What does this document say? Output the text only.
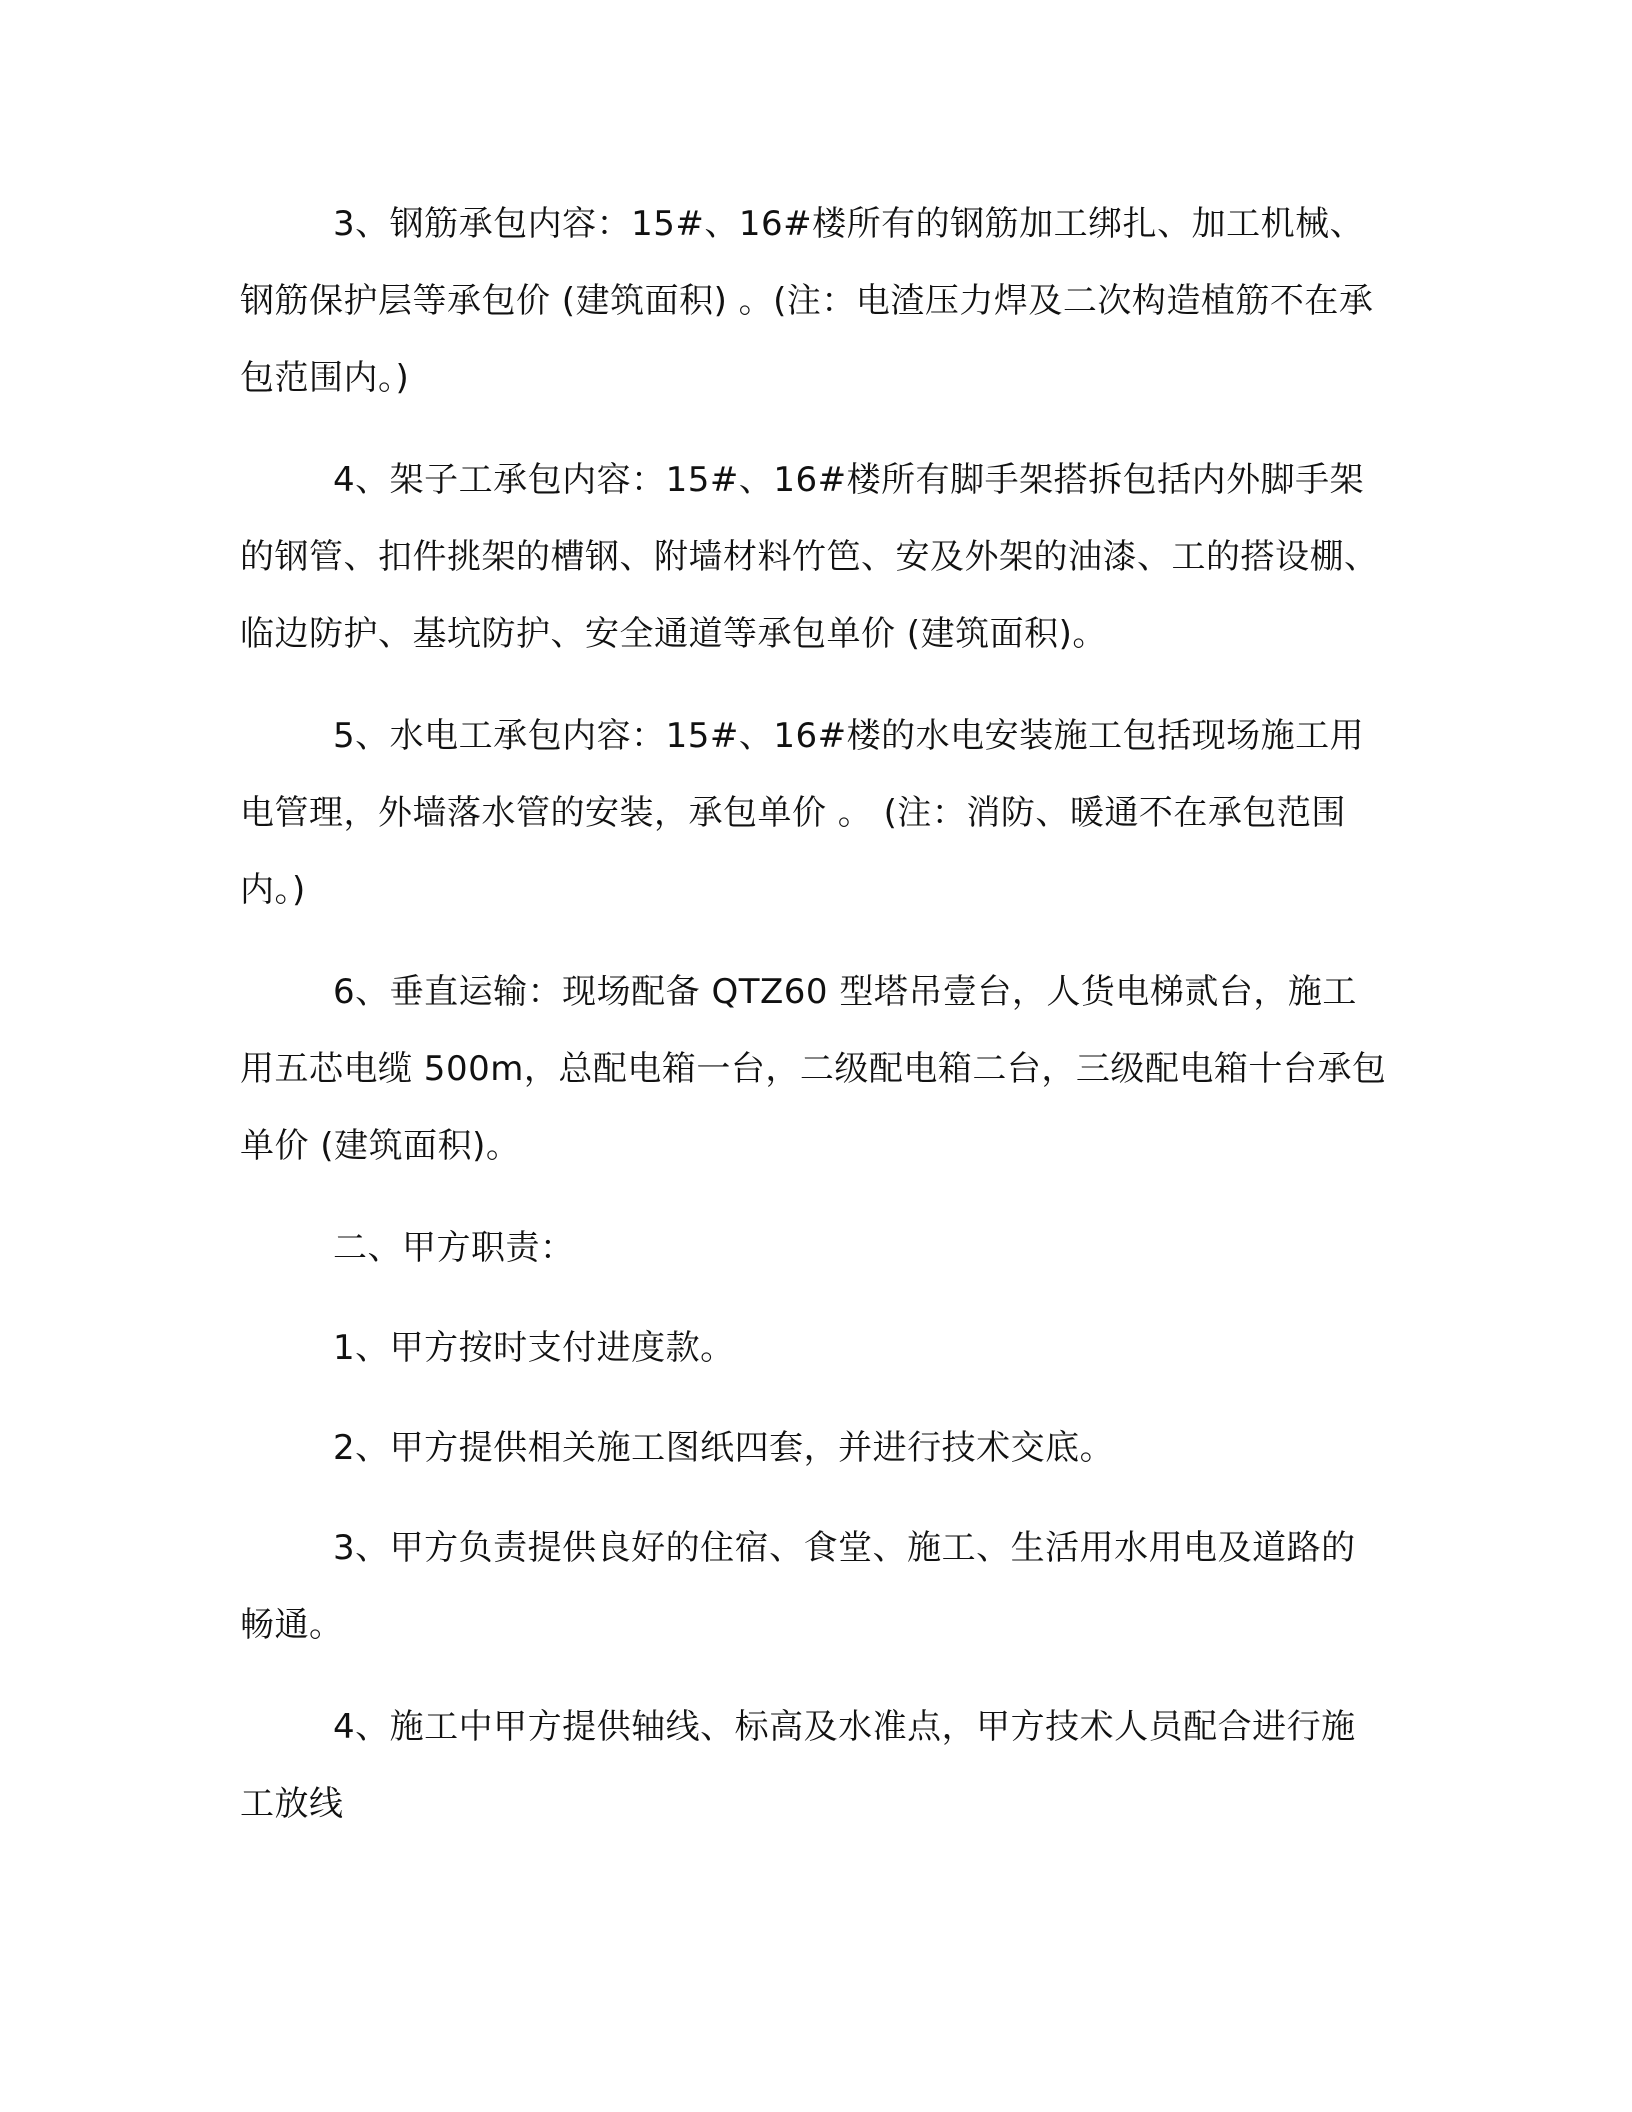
3、钢筋承包内容：15#、16#楼所有的钢筋加工绑扎、加工机械、钢筋保护层等承包价 (建筑面积) 。(注：电渣压力焊及二次构造植筋不在承包范围内。)

4、架子工承包内容：15#、16#楼所有脚手架搭拆包括内外脚手架的钢管、扣件挑架的槽钢、附墙材料竹笆、安及外架的油漆、工的搭设棚、临边防护、基坑防护、安全通道等承包单价 (建筑面积)。

5、水电工承包内容：15#、16#楼的水电安装施工包括现场施工用电管理，外墙落水管的安装，承包单价 。 (注：消防、暖通不在承包范围内。)

6、垂直运输：现场配备 QTZ60 型塔吊壹台，人货电梯贰台，施工用五芯电缆 500m，总配电箱一台，二级配电箱二台，三级配电箱十台承包单价 (建筑面积)。

二、甲方职责：

1、甲方按时支付进度款。

2、甲方提供相关施工图纸四套，并进行技术交底。

3、甲方负责提供良好的住宿、食堂、施工、生活用水用电及道路的畅通。

4、施工中甲方提供轴线、标高及水准点，甲方技术人员配合进行施工放线
